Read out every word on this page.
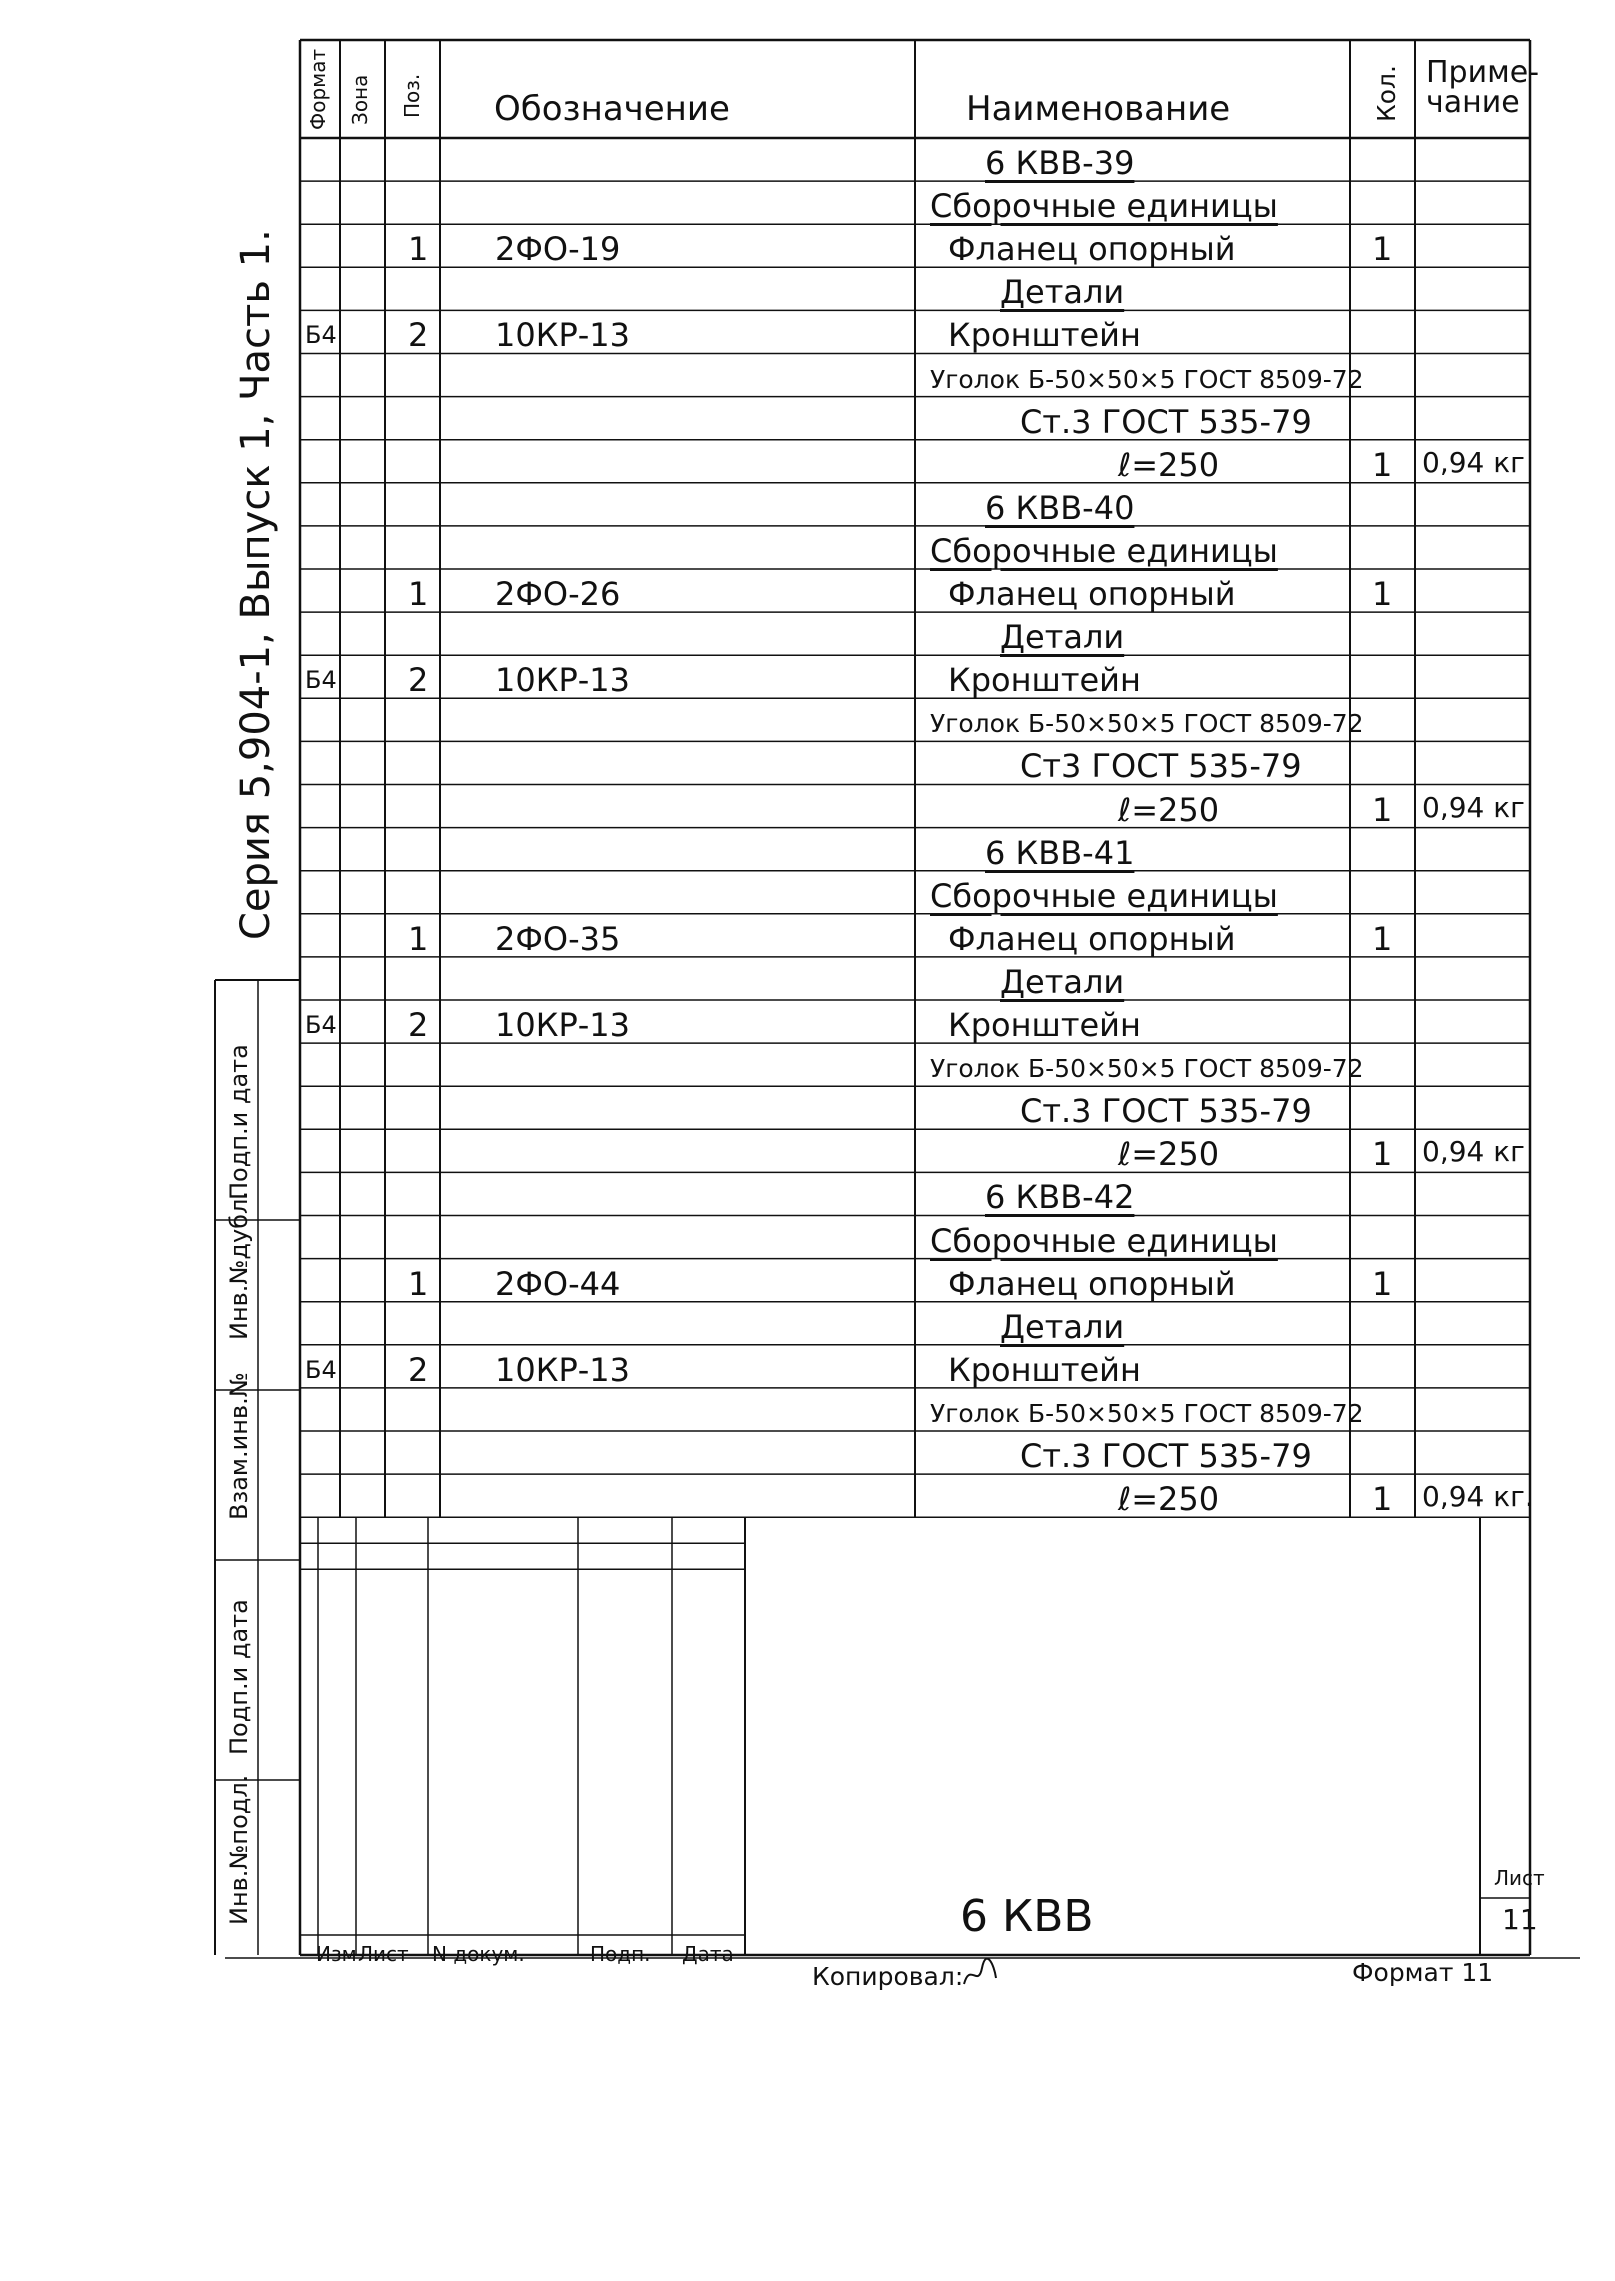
Формат Зона Поз. Обозначение	Наименование	Кол. Приме-
чание
6 КВВ-39
Сборочные единицы
1 2ФО-19	Фланец опорный	1
Детали
Б4 2 10КР-13	Кронштейн
Уголок Б-50×50×5 ГОСТ 8509-72
Ст.3 ГОСТ 535-79
ℓ=250	1 0,94 кг
6 КВВ-40
Сборочные единицы
1 2ФО-26	Фланец опорный	1
Детали
Б4 2 10КР-13	Кронштейн
Уголок Б-50×50×5 ГОСТ 8509-72
Ст3 ГОСТ 535-79
ℓ=250	1 0,94 кг
6 КВВ-41
Сборочные единицы
1 2ФО-35	Фланец опорный	1
Детали
Б4 2 10КР-13	Кронштейн
Уголок Б-50×50×5 ГОСТ 8509-72
Ст.3 ГОСТ 535-79
ℓ=250	1 0,94 кг
6 КВВ-42
Сборочные единицы
1 2ФО-44	Фланец опорный	1
Детали
Б4 2 10КР-13	Кронштейн
Уголок Б-50×50×5 ГОСТ 8509-72
Ст.3 ГОСТ 535-79
ℓ=250	1 0,94 кг.
Серия 5,904-1, Выпуск 1, Часть 1.
Инв.№подл.
Подп.и дата
Взам.инв.№
Инв.№дубл.
Подп.и дата
6 КВВ
Лист
11
Изм Лист N докум.	Подп. Дата
Копировал:	Формат 11
